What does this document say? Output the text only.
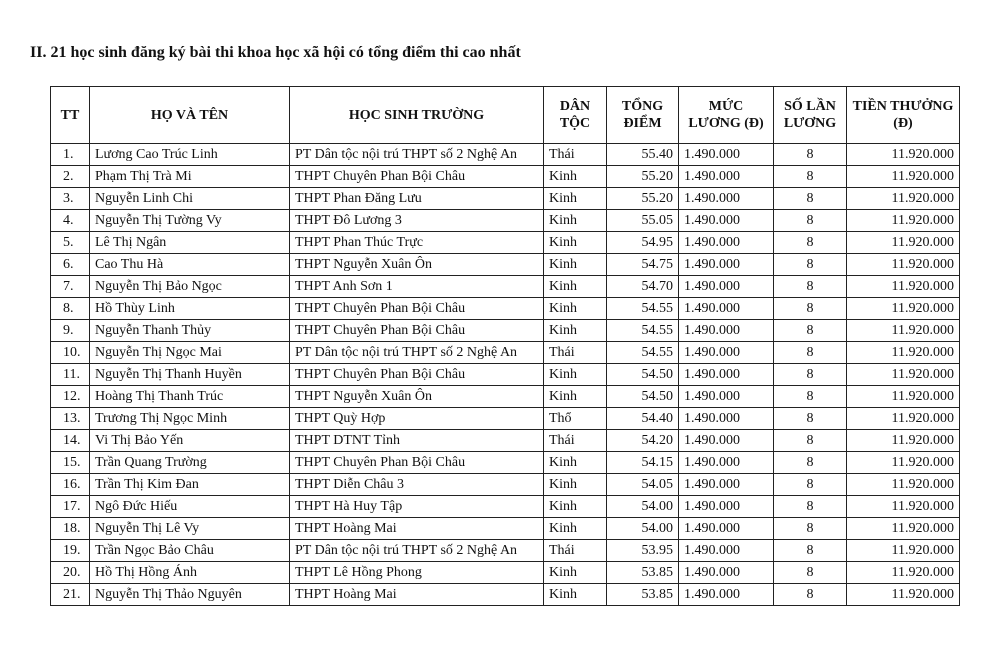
II. 21 học sinh đăng ký bài thi khoa học xã hội có tổng điểm thi cao nhất
TT	HỌ VÀ TÊN	HỌC SINH TRƯỜNG	DÂN TỘC	TỔNG ĐIỂM	MỨC LƯƠNG (Đ)	SỐ LẦN LƯƠNG	TIỀN THƯỞNG (Đ)
1.	Lương Cao Trúc Linh	PT Dân tộc nội trú THPT số 2 Nghệ An	Thái	55.40	1.490.000	8	11.920.000
2.	Phạm Thị Trà Mi	THPT Chuyên Phan Bội Châu	Kinh	55.20	1.490.000	8	11.920.000
3.	Nguyễn Linh Chi	THPT Phan Đăng Lưu	Kinh	55.20	1.490.000	8	11.920.000
4.	Nguyễn Thị Tường Vy	THPT Đô Lương 3	Kinh	55.05	1.490.000	8	11.920.000
5.	Lê Thị Ngân	THPT Phan Thúc Trực	Kinh	54.95	1.490.000	8	11.920.000
6.	Cao Thu Hà	THPT Nguyễn Xuân Ôn	Kinh	54.75	1.490.000	8	11.920.000
7.	Nguyễn Thị Bảo Ngọc	THPT Anh Sơn 1	Kinh	54.70	1.490.000	8	11.920.000
8.	Hồ Thùy Linh	THPT Chuyên Phan Bội Châu	Kinh	54.55	1.490.000	8	11.920.000
9.	Nguyễn Thanh Thủy	THPT Chuyên Phan Bội Châu	Kinh	54.55	1.490.000	8	11.920.000
10.	Nguyễn Thị Ngọc Mai	PT Dân tộc nội trú THPT số 2 Nghệ An	Thái	54.55	1.490.000	8	11.920.000
11.	Nguyễn Thị Thanh Huyền	THPT Chuyên Phan Bội Châu	Kinh	54.50	1.490.000	8	11.920.000
12.	Hoàng Thị Thanh Trúc	THPT Nguyễn Xuân Ôn	Kinh	54.50	1.490.000	8	11.920.000
13.	Trương Thị Ngọc Minh	THPT Quỳ Hợp	Thổ	54.40	1.490.000	8	11.920.000
14.	Vi Thị Bảo Yến	THPT DTNT Tỉnh	Thái	54.20	1.490.000	8	11.920.000
15.	Trần Quang Trường	THPT Chuyên Phan Bội Châu	Kinh	54.15	1.490.000	8	11.920.000
16.	Trần Thị Kim Đan	THPT Diễn Châu 3	Kinh	54.05	1.490.000	8	11.920.000
17.	Ngô Đức Hiếu	THPT Hà Huy Tập	Kinh	54.00	1.490.000	8	11.920.000
18.	Nguyễn Thị Lê Vy	THPT Hoàng Mai	Kinh	54.00	1.490.000	8	11.920.000
19.	Trần Ngọc Bảo Châu	PT Dân tộc nội trú THPT số 2 Nghệ An	Thái	53.95	1.490.000	8	11.920.000
20.	Hồ Thị Hồng Ánh	THPT Lê Hồng Phong	Kinh	53.85	1.490.000	8	11.920.000
21.	Nguyễn Thị Thảo Nguyên	THPT Hoàng Mai	Kinh	53.85	1.490.000	8	11.920.000
